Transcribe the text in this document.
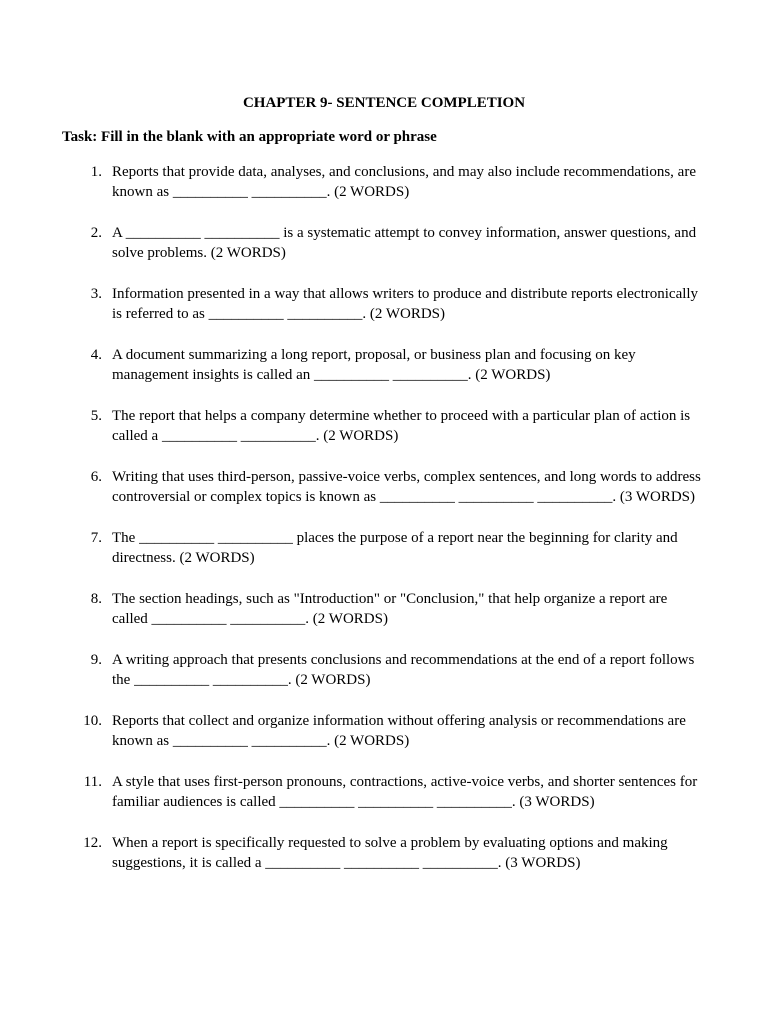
CHAPTER 9- SENTENCE COMPLETION
Task: Fill in the blank with an appropriate word or phrase
1. Reports that provide data, analyses, and conclusions, and may also include recommendations, are known as __________ __________. (2 WORDS)
2. A __________ __________ is a systematic attempt to convey information, answer questions, and solve problems. (2 WORDS)
3. Information presented in a way that allows writers to produce and distribute reports electronically is referred to as __________ __________. (2 WORDS)
4. A document summarizing a long report, proposal, or business plan and focusing on key management insights is called an __________ __________. (2 WORDS)
5. The report that helps a company determine whether to proceed with a particular plan of action is called a __________ __________. (2 WORDS)
6. Writing that uses third-person, passive-voice verbs, complex sentences, and long words to address controversial or complex topics is known as __________ __________ __________. (3 WORDS)
7. The __________ __________ places the purpose of a report near the beginning for clarity and directness. (2 WORDS)
8. The section headings, such as "Introduction" or "Conclusion," that help organize a report are called __________ __________. (2 WORDS)
9. A writing approach that presents conclusions and recommendations at the end of a report follows the __________ __________. (2 WORDS)
10. Reports that collect and organize information without offering analysis or recommendations are known as __________ __________. (2 WORDS)
11. A style that uses first-person pronouns, contractions, active-voice verbs, and shorter sentences for familiar audiences is called __________ __________ __________. (3 WORDS)
12. When a report is specifically requested to solve a problem by evaluating options and making suggestions, it is called a __________ __________ __________. (3 WORDS)
